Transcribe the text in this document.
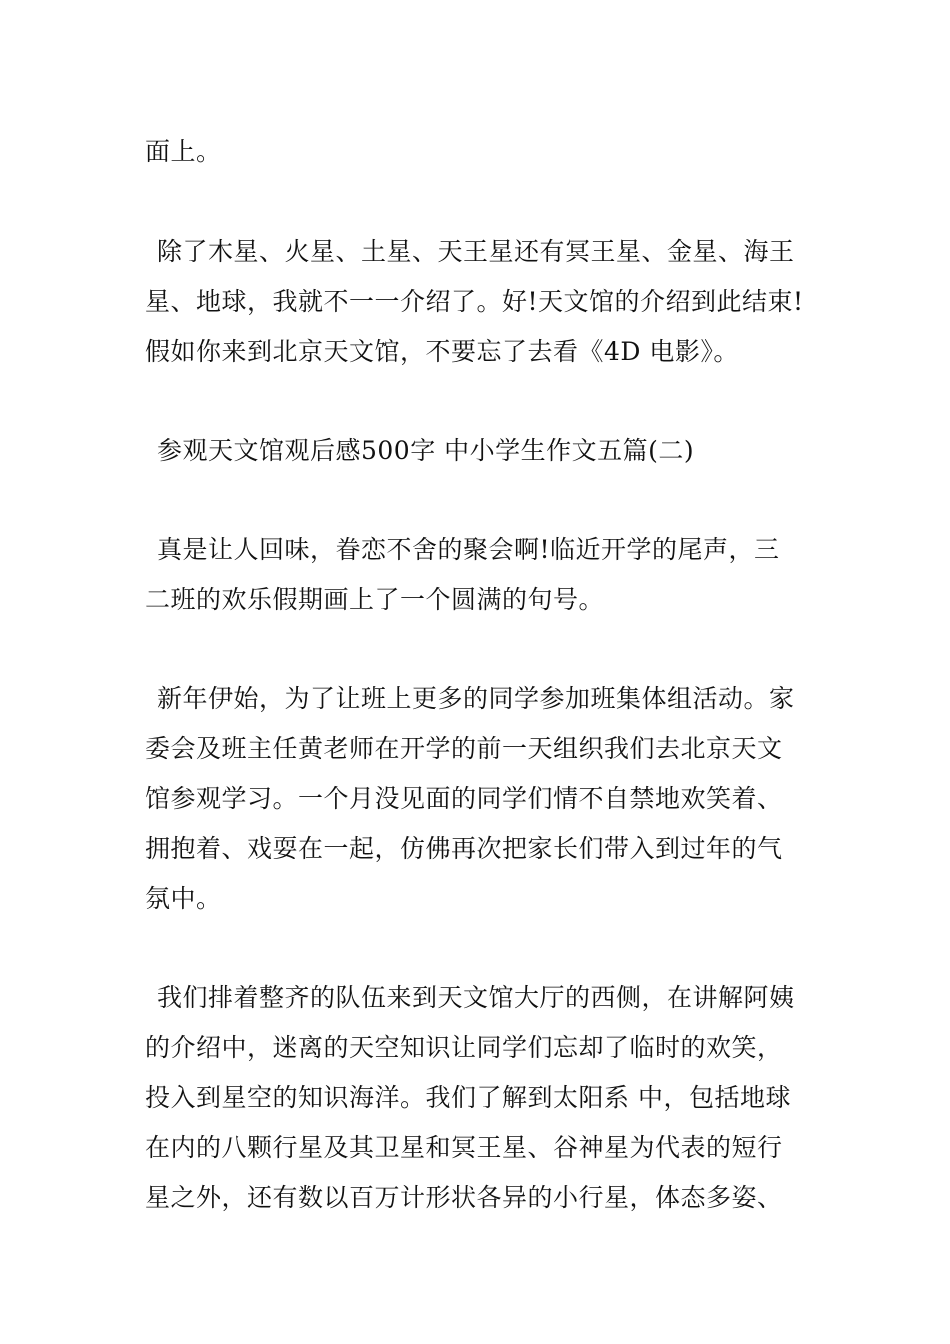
面上。
除了木星、火星、土星、天王星还有冥王星、金星、海王
星、地球，我就不一一介绍了。好!天文馆的介绍到此结束!
假如你来到北京天文馆，不要忘了去看《4D 电影》。
参观天文馆观后感500字 中小学生作文五篇(二)
真是让人回味，眷恋不舍的聚会啊!临近开学的尾声，三
二班的欢乐假期画上了一个圆满的句号。
新年伊始，为了让班上更多的同学参加班集体组活动。家
委会及班主任黄老师在开学的前一天组织我们去北京天文
馆参观学习。一个月没见面的同学们情不自禁地欢笑着、
拥抱着、戏耍在一起，仿佛再次把家长们带入到过年的气
氛中。
我们排着整齐的队伍来到天文馆大厅的西侧，在讲解阿姨
的介绍中，迷离的天空知识让同学们忘却了临时的欢笑，
投入到星空的知识海洋。我们了解到太阳系 中，包括地球
在内的八颗行星及其卫星和冥王星、谷神星为代表的短行
星之外，还有数以百万计形状各异的小行星，体态多姿、
